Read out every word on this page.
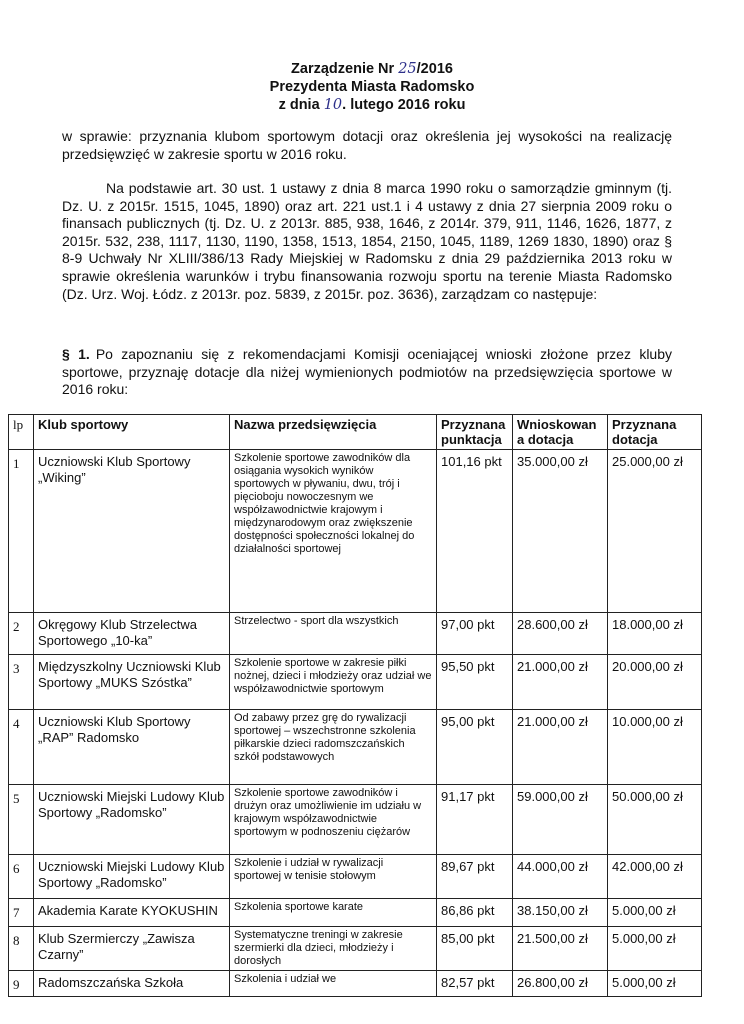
Zarządzenie Nr 25/2016
Prezydenta Miasta Radomsko
z dnia 10. lutego 2016 roku
w sprawie: przyznania klubom sportowym dotacji oraz określenia jej wysokości na realizację przedsięwzięć w zakresie sportu w 2016 roku.
Na podstawie art. 30 ust. 1 ustawy z dnia 8 marca 1990 roku o samorządzie gminnym (tj. Dz. U. z 2015r. 1515, 1045, 1890) oraz art. 221 ust.1 i 4 ustawy z dnia 27 sierpnia 2009 roku o finansach publicznych (tj. Dz. U. z 2013r. 885, 938, 1646, z 2014r. 379, 911, 1146, 1626, 1877, z 2015r. 532, 238, 1117, 1130, 1190, 1358, 1513, 1854, 2150, 1045, 1189, 1269 1830, 1890) oraz § 8-9 Uchwały Nr XLIII/386/13 Rady Miejskiej w Radomsku z dnia 29 października 2013 roku w sprawie określenia warunków i trybu finansowania rozwoju sportu na terenie Miasta Radomsko (Dz. Urz. Woj. Łódz. z 2013r. poz. 5839, z 2015r. poz. 3636), zarządzam co następuje:
§ 1. Po zapoznaniu się z rekomendacjami Komisji oceniającej wnioski złożone przez kluby sportowe, przyznaję dotacje dla niżej wymienionych podmiotów na przedsięwzięcia sportowe w 2016 roku:
lp	Klub sportowy	Nazwa przedsięwzięcia	Przyznana punktacja	Wnioskowan a dotacja	Przyznana dotacja
1	Uczniowski Klub Sportowy „Wiking”	Szkolenie sportowe zawodników dla osiągania wysokich wyników sportowych w pływaniu, dwu, trój i pięcioboju nowoczesnym we współzawodnictwie krajowym i międzynarodowym oraz zwiększenie dostępności społeczności lokalnej do działalności sportowej	101,16 pkt	35.000,00 zł	25.000,00 zł
2	Okręgowy Klub Strzelectwa Sportowego „10-ka”	Strzelectwo - sport dla wszystkich	97,00 pkt	28.600,00 zł	18.000,00 zł
3	Międzyszkolny Uczniowski Klub Sportowy „MUKS Szóstka”	Szkolenie sportowe w zakresie piłki nożnej, dzieci i młodzieży oraz udział we współzawodnictwie sportowym	95,50 pkt	21.000,00 zł	20.000,00 zł
4	Uczniowski Klub Sportowy „RAP” Radomsko	Od zabawy przez grę do rywalizacji sportowej – wszechstronne szkolenia piłkarskie dzieci radomszczańskich szkół podstawowych	95,00 pkt	21.000,00 zł	10.000,00 zł
5	Uczniowski Miejski Ludowy Klub Sportowy „Radomsko”	Szkolenie sportowe zawodników i drużyn oraz umożliwienie im udziału w krajowym współzawodnictwie sportowym w podnoszeniu ciężarów	91,17 pkt	59.000,00 zł	50.000,00 zł
6	Uczniowski Miejski Ludowy Klub Sportowy „Radomsko”	Szkolenie i udział w rywalizacji sportowej w tenisie stołowym	89,67 pkt	44.000,00 zł	42.000,00 zł
7	Akademia Karate KYOKUSHIN	Szkolenia sportowe karate	86,86 pkt	38.150,00 zł	5.000,00 zł
8	Klub Szermierczy „Zawisza Czarny”	Systematyczne treningi w zakresie szermierki dla dzieci, młodzieży i dorosłych	85,00 pkt	21.500,00 zł	5.000,00 zł
9	Radomszczańska Szkoła	Szkolenia i udział we	82,57 pkt	26.800,00 zł	5.000,00 zł
